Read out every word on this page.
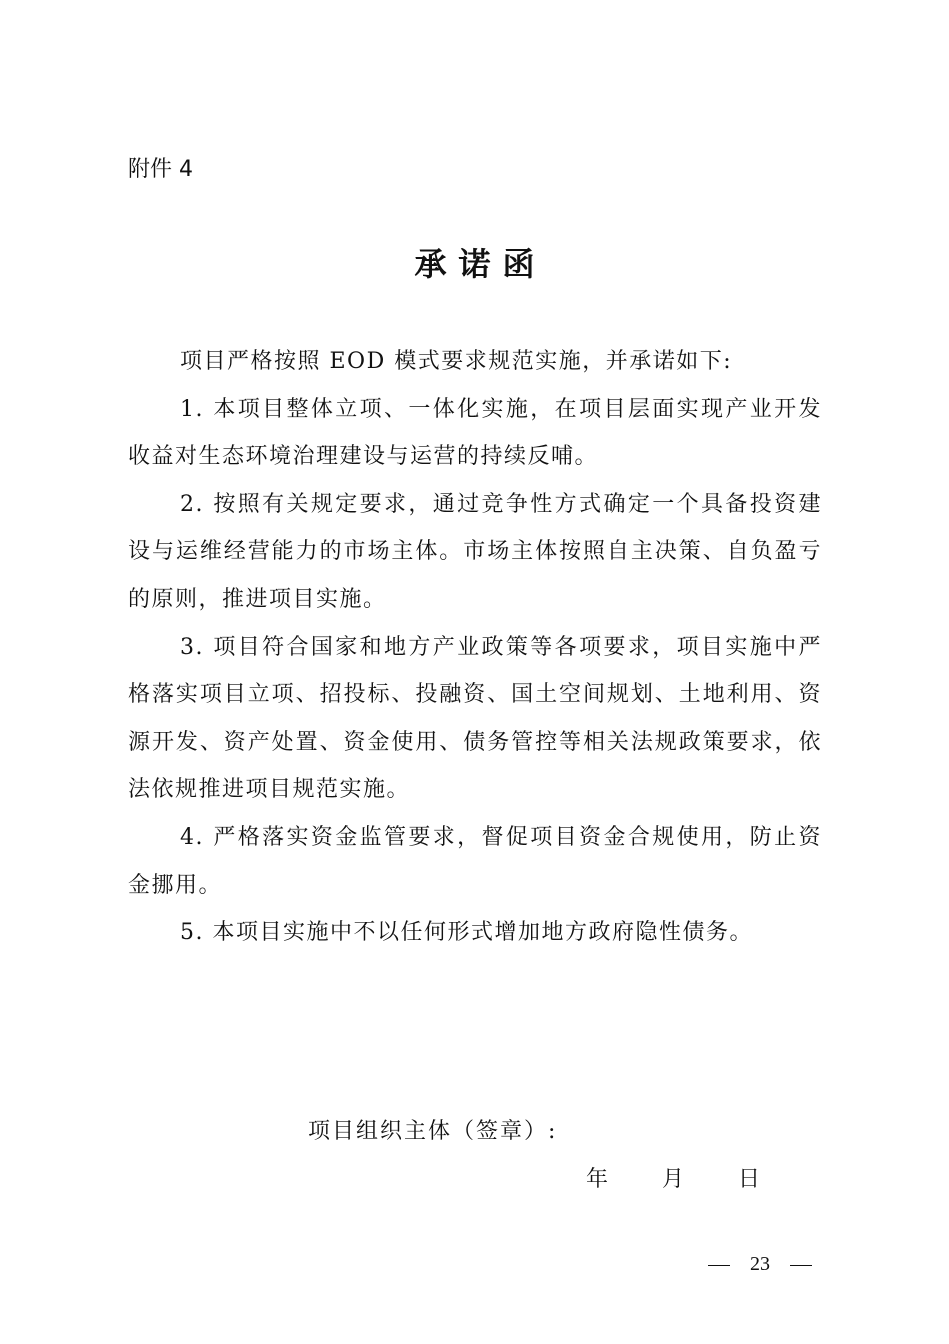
附件 4
承诺函

项目严格按照 EOD 模式要求规范实施，并承诺如下:

1. 本项目整体立项、一体化实施，在项目层面实现产业开发收益对生态环境治理建设与运营的持续反哺。

2. 按照有关规定要求，通过竞争性方式确定一个具备投资建设与运维经营能力的市场主体。市场主体按照自主决策、自负盈亏的原则，推进项目实施。

3. 项目符合国家和地方产业政策等各项要求，项目实施中严格落实项目立项、招投标、投融资、国土空间规划、土地利用、资源开发、资产处置、资金使用、债务管控等相关法规政策要求，依法依规推进项目规范实施。

4. 严格落实资金监管要求，督促项目资金合规使用，防止资金挪用。

5. 本项目实施中不以任何形式增加地方政府隐性债务。

项目组织主体（签章）:
年 月 日
23
